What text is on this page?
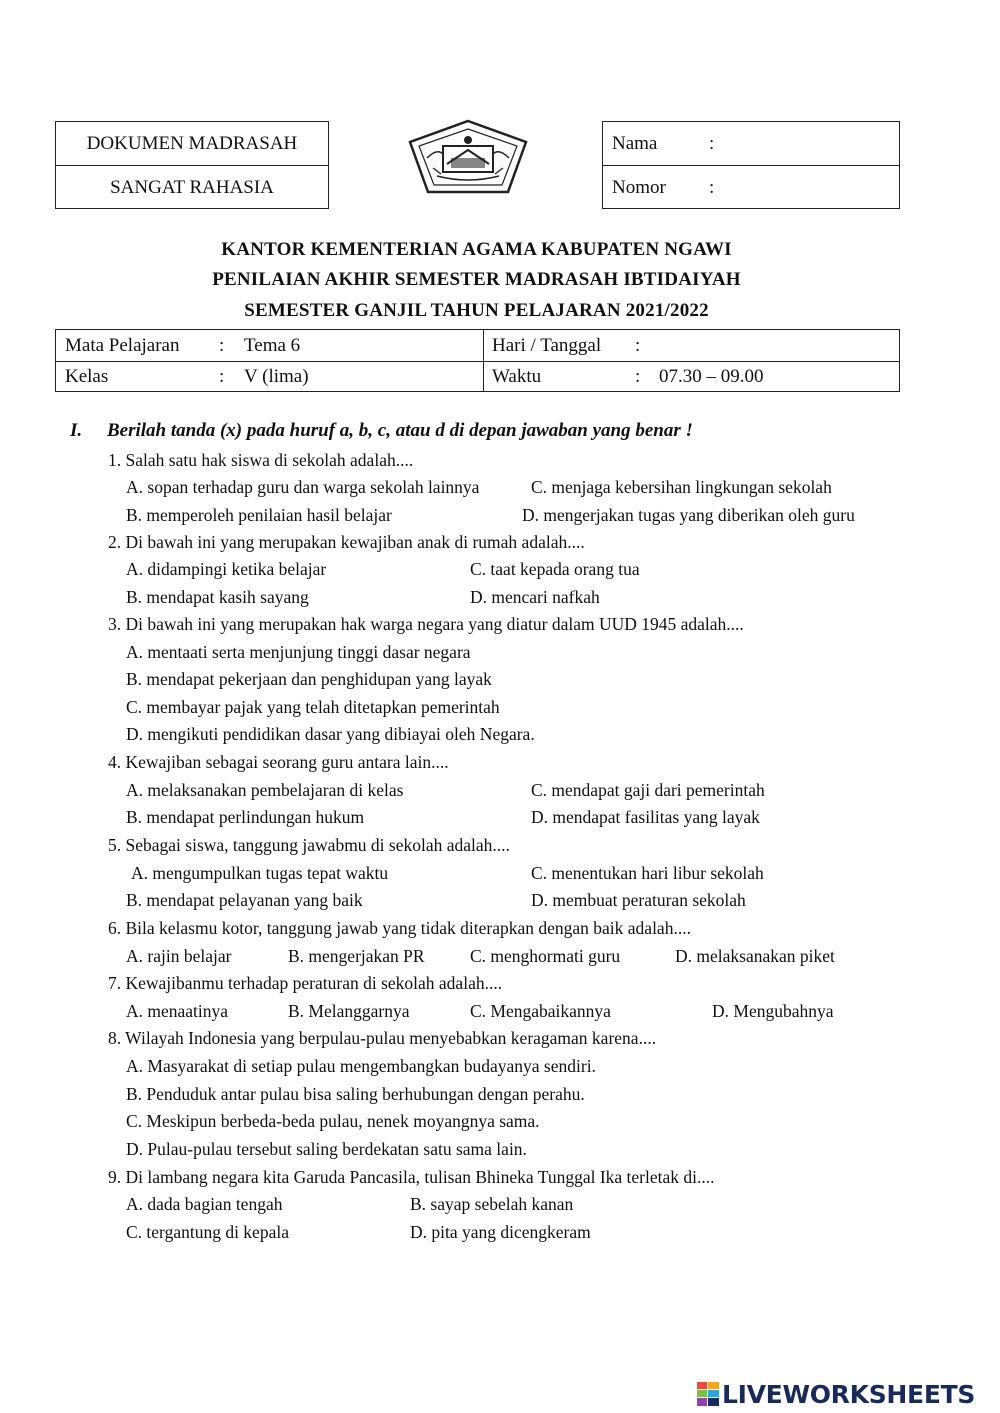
DOKUMEN MADRASAH
SANGAT RAHASIA
Nama	:
Nomor :
KANTOR KEMENTERIAN AGAMA KABUPATEN NGAWI
PENILAIAN AKHIR SEMESTER MADRASAH IBTIDAIYAH
SEMESTER GANJIL TAHUN PELAJARAN 2021/2022
Mata Pelajaran : Tema 6	Hari / Tanggal :
Kelas	: V (lima)	Waktu	: 07.30 – 09.00
I. Berilah tanda (x) pada huruf a, b, c, atau d di depan jawaban yang benar !
1. Salah satu hak siswa di sekolah adalah....
A. sopan terhadap guru dan warga sekolah lainnya	C. menjaga kebersihan lingkungan sekolah
B. memperoleh penilaian hasil belajar	D. mengerjakan tugas yang diberikan oleh guru
2. Di bawah ini yang merupakan kewajiban anak di rumah adalah....
A. didampingi ketika belajar	C. taat kepada orang tua
B. mendapat kasih sayang	D. mencari nafkah
3. Di bawah ini yang merupakan hak warga negara yang diatur dalam UUD 1945 adalah....
A. mentaati serta menjunjung tinggi dasar negara
B. mendapat pekerjaan dan penghidupan yang layak
C. membayar pajak yang telah ditetapkan pemerintah
D. mengikuti pendidikan dasar yang dibiayai oleh Negara.
4. Kewajiban sebagai seorang guru antara lain....
A. melaksanakan pembelajaran di kelas	C. mendapat gaji dari pemerintah
B. mendapat perlindungan hukum	D. mendapat fasilitas yang layak
5. Sebagai siswa, tanggung jawabmu di sekolah adalah....
A. mengumpulkan tugas tepat waktu	C. menentukan hari libur sekolah
B. mendapat pelayanan yang baik	D. membuat peraturan sekolah
6. Bila kelasmu kotor, tanggung jawab yang tidak diterapkan dengan baik adalah....
A. rajin belajar	B. mengerjakan PR	C. menghormati guru	D. melaksanakan piket
7. Kewajibanmu terhadap peraturan di sekolah adalah....
A. menaatinya	B. Melanggarnya	C. Mengabaikannya	D. Mengubahnya
8. Wilayah Indonesia yang berpulau-pulau menyebabkan keragaman karena....
A. Masyarakat di setiap pulau mengembangkan budayanya sendiri.
B. Penduduk antar pulau bisa saling berhubungan dengan perahu.
C. Meskipun berbeda-beda pulau, nenek moyangnya sama.
D. Pulau-pulau tersebut saling berdekatan satu sama lain.
9. Di lambang negara kita Garuda Pancasila, tulisan Bhineka Tunggal Ika terletak di....
A. dada bagian tengah	B. sayap sebelah kanan
C. tergantung di kepala	D. pita yang dicengkeram
LIVEWORKSHEETS
